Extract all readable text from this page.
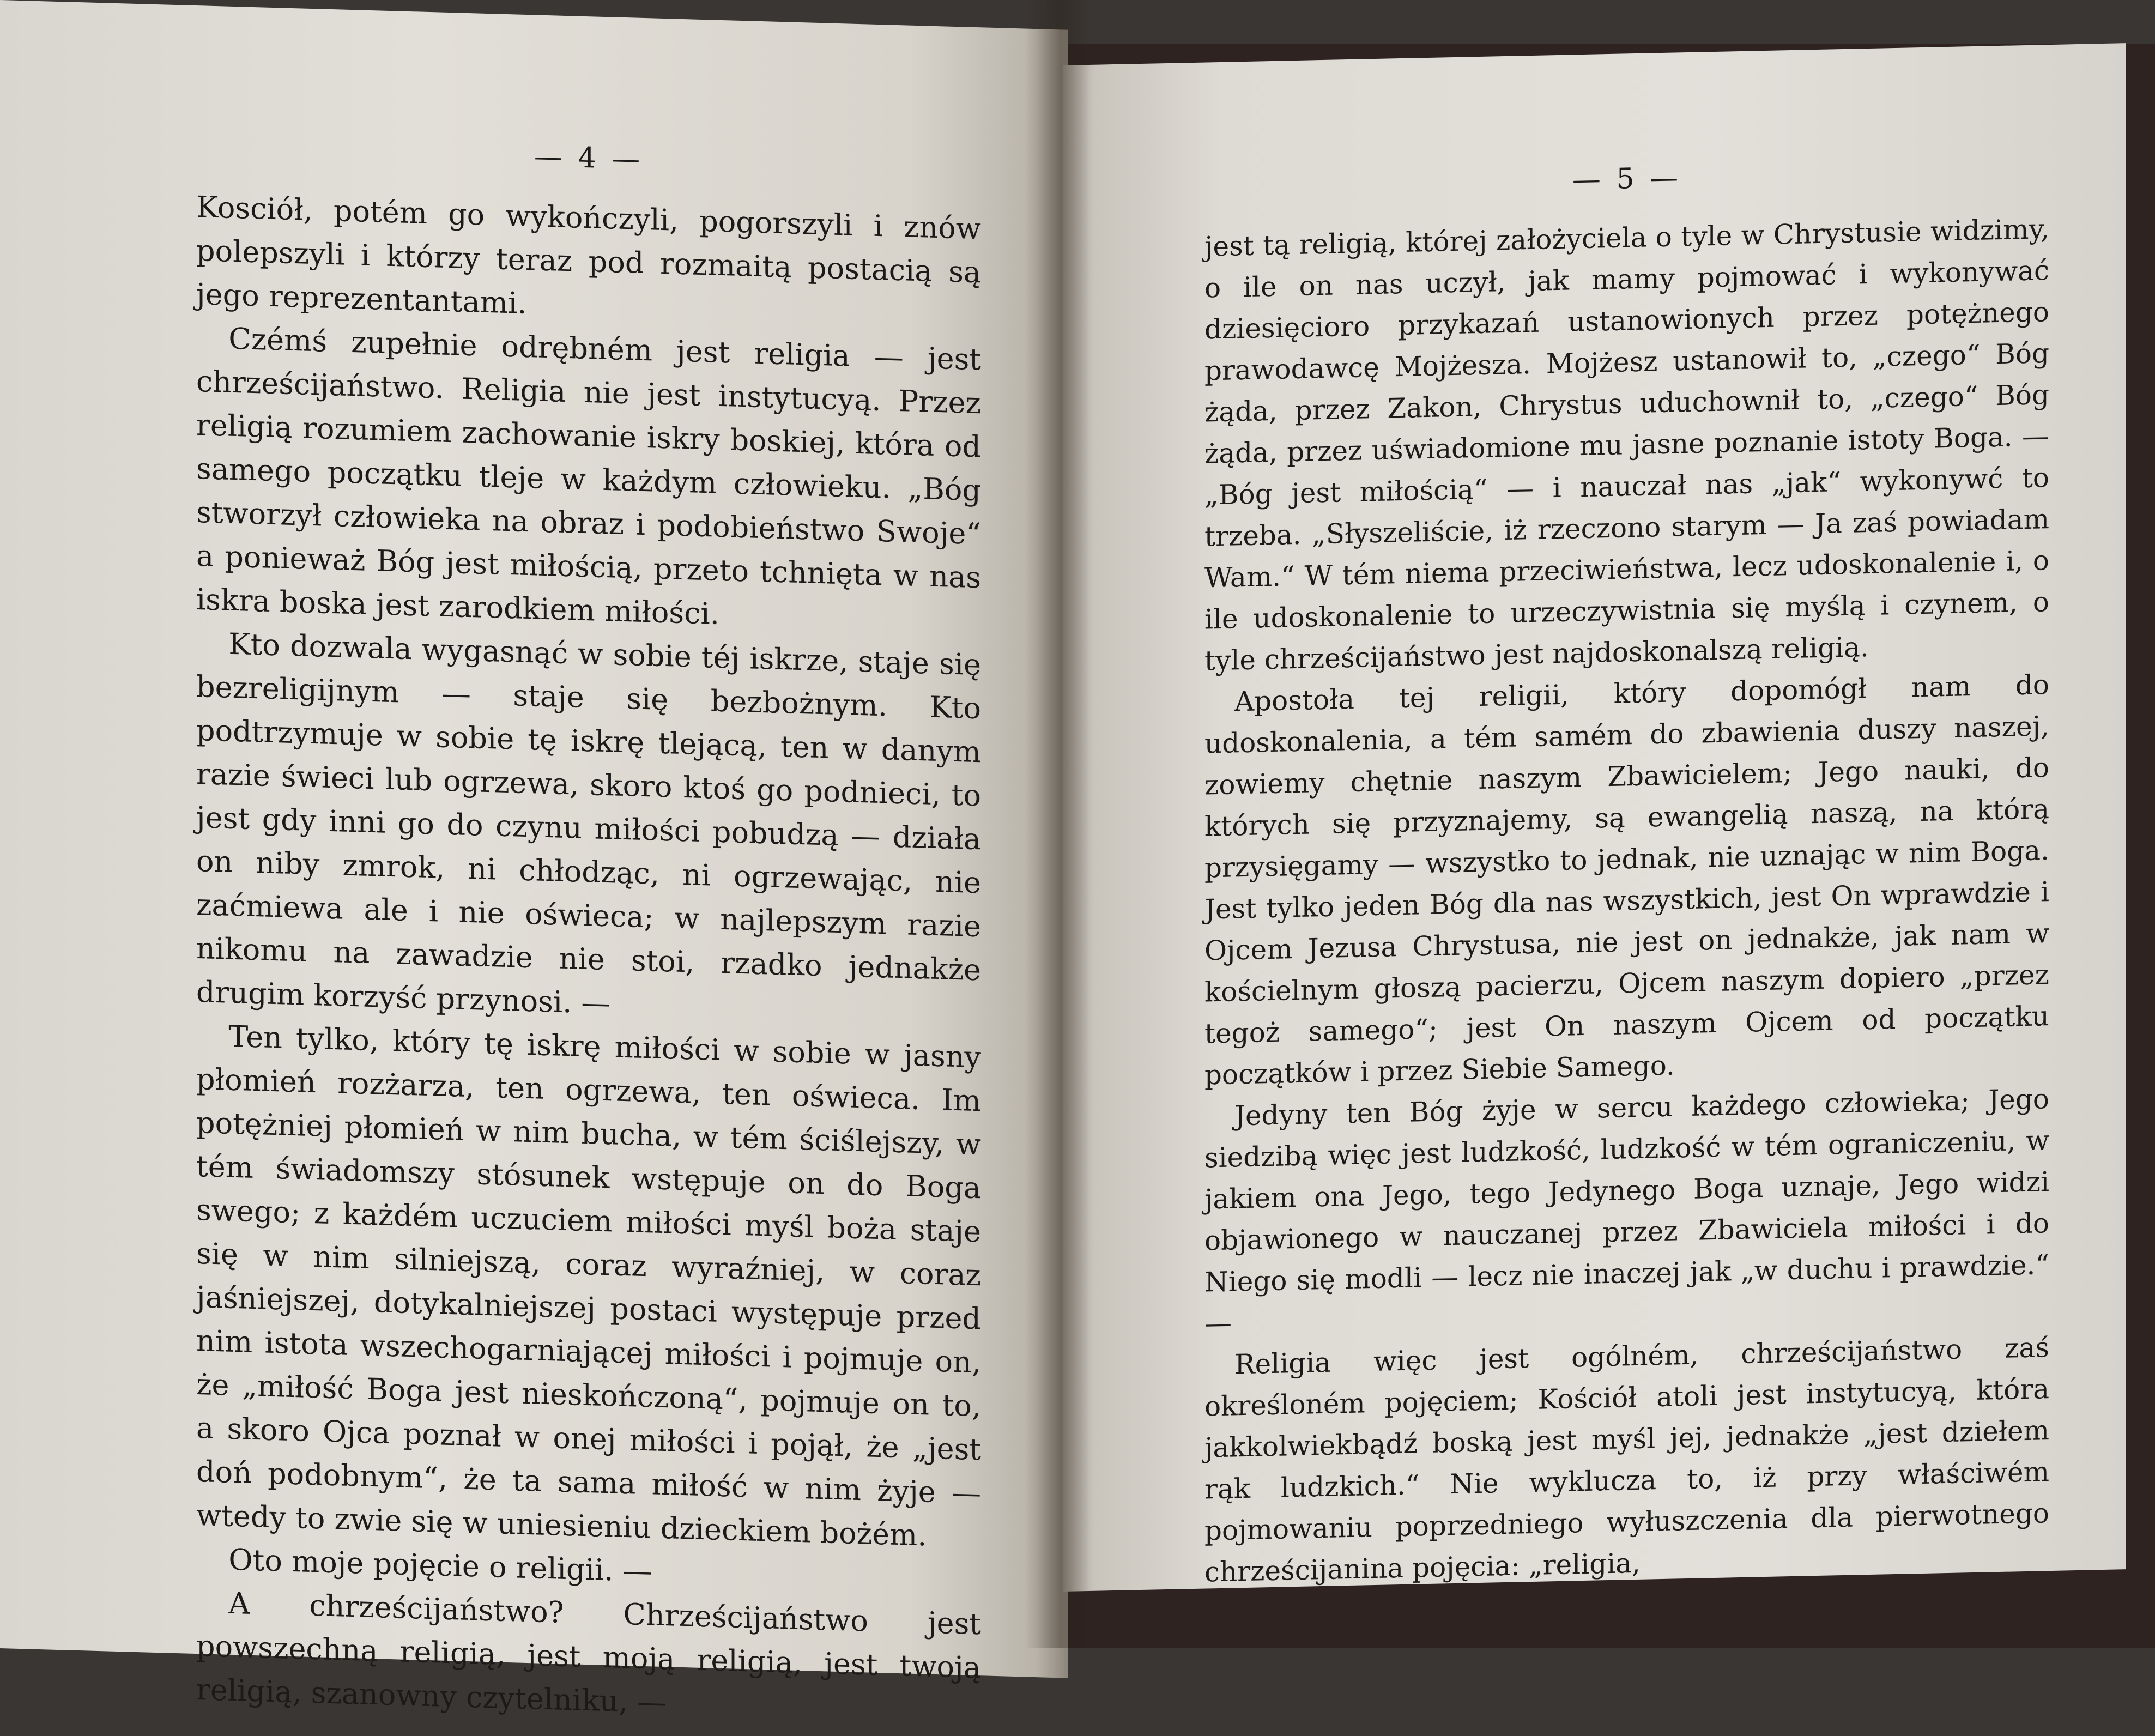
— 4 —

Kosciół, potém go wykończyli, pogorszyli i znów polepszyli i którzy teraz pod rozmaitą postacią są jego reprezentantami.

Czémś zupełnie odrębném jest religia — jest chrześcijaństwo. Religia nie jest instytucyą. Przez religią rozumiem zachowanie iskry boskiej, która od samego początku tleje w każdym człowieku. „Bóg stworzył człowieka na obraz i podobieństwo Swoje“ a ponieważ Bóg jest miłością, przeto tchnięta w nas iskra boska jest zarodkiem miłości.

Kto dozwala wygasnąć w sobie téj iskrze, staje się bezreligijnym — staje się bezbożnym. Kto podtrzymuje w sobie tę iskrę tlejącą, ten w danym razie świeci lub ogrzewa, skoro ktoś go podnieci, to jest gdy inni go do czynu miłości pobudzą — działa on niby zmrok, ni chłodząc, ni ogrzewając, nie zaćmiewa ale i nie oświeca; w najlepszym razie nikomu na zawadzie nie stoi, rzadko jednakże drugim korzyść przynosi. —

Ten tylko, który tę iskrę miłości w sobie w jasny płomień rozżarza, ten ogrzewa, ten oświeca. Im potężniej płomień w nim bucha, w tém ściślejszy, w tém świadomszy stósunek wstępuje on do Boga swego; z każdém uczuciem miłości myśl boża staje się w nim silniejszą, coraz wyraźniej, w coraz jaśniejszej, dotykalniejszej postaci występuje przed nim istota wszechogarniającej miłości i pojmuje on, że „miłość Boga jest nieskończoną“, pojmuje on to, a skoro Ojca poznał w onej miłości i pojął, że „jest doń podobnym“, że ta sama miłość w nim żyje — wtedy to zwie się w uniesieniu dzieckiem bożém.

Oto moje pojęcie o religii. —

A chrześcijaństwo? Chrześcijaństwo jest powszechną religią, jest moją religią, jest twoją religią, szanowny czytelniku, —

— 5 —

jest tą religią, której założyciela o tyle w Chrystusie widzimy, o ile on nas uczył, jak mamy pojmować i wykonywać dziesięcioro przykazań ustanowionych przez potężnego prawodawcę Mojżesza. Mojżesz ustanowił to, „czego“ Bóg żąda, przez Zakon, Chrystus uduchownił to, „czego“ Bóg żąda, przez uświadomione mu jasne poznanie istoty Boga. — „Bóg jest miłością“ — i nauczał nas „jak“ wykonywć to trzeba. „Słyszeliście, iż rzeczono starym — Ja zaś powiadam Wam.“ W tém niema przeciwieństwa, lecz udoskonalenie i, o ile udoskonalenie to urzeczywistnia się myślą i czynem, o tyle chrześcijaństwo jest najdoskonalszą religią.

Apostoła tej religii, który dopomógł nam do udoskonalenia, a tém samém do zbawienia duszy naszej, zowiemy chętnie naszym Zbawicielem; Jego nauki, do których się przyznajemy, są ewangelią naszą, na którą przysięgamy — wszystko to jednak, nie uznając w nim Boga. Jest tylko jeden Bóg dla nas wszystkich, jest On wprawdzie i Ojcem Jezusa Chrystusa, nie jest on jednakże, jak nam w kościelnym głoszą pacierzu, Ojcem naszym dopiero „przez tegoż samego“; jest On naszym Ojcem od początku początków i przez Siebie Samego.

Jedyny ten Bóg żyje w sercu każdego człowieka; Jego siedzibą więc jest ludzkość, ludzkość w tém ograniczeniu, w jakiem ona Jego, tego Jedynego Boga uznaje, Jego widzi objawionego w nauczanej przez Zbawiciela miłości i do Niego się modli — lecz nie inaczej jak „w duchu i prawdzie.“ —

Religia więc jest ogólném, chrześcijaństwo zaś określoném pojęciem; Kościół atoli jest instytucyą, która jakkolwiekbądź boską jest myśl jej, jednakże „jest dziełem rąk ludzkich.“ Nie wyklucza to, iż przy właściwém pojmowaniu poprzedniego wyłuszczenia dla pierwotnego chrześcijanina pojęcia: „religia,
